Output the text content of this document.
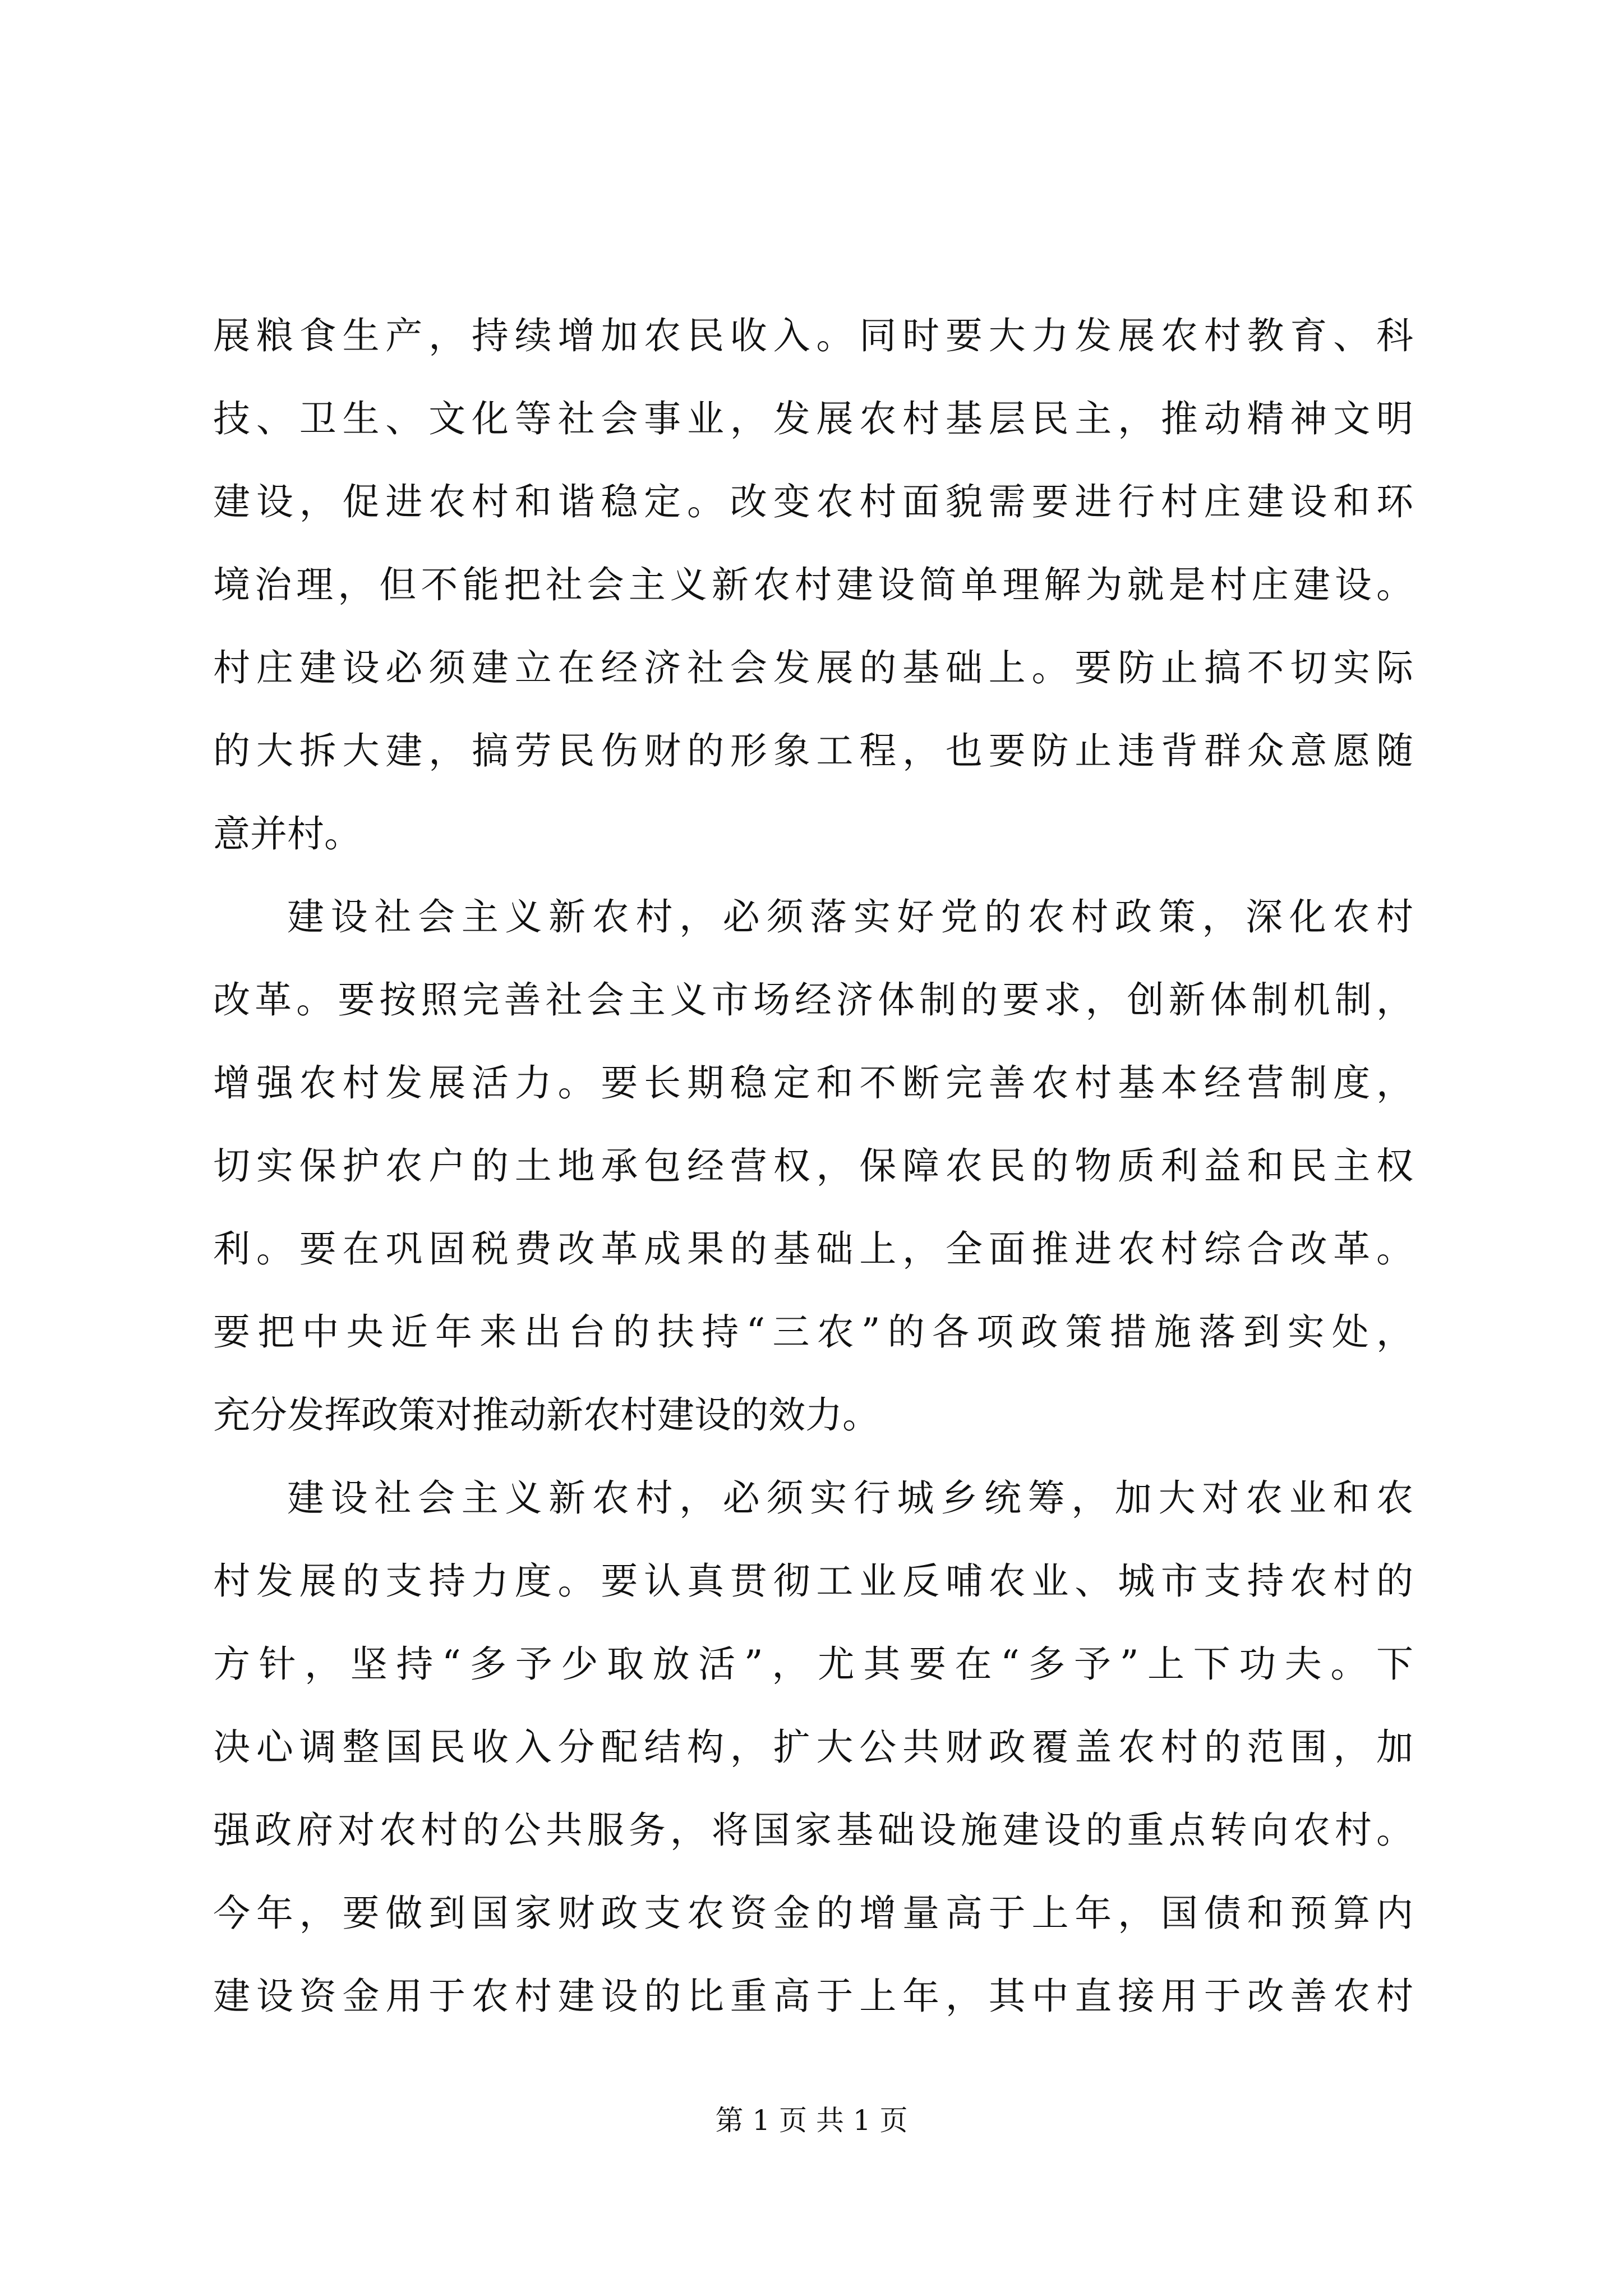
展粮食生产，持续增加农民收入。同时要大力发展农村教育、科
技、卫生、文化等社会事业，发展农村基层民主，推动精神文明
建设，促进农村和谐稳定。改变农村面貌需要进行村庄建设和环
境治理，但不能把社会主义新农村建设简单理解为就是村庄建设。
村庄建设必须建立在经济社会发展的基础上。要防止搞不切实际
的大拆大建，搞劳民伤财的形象工程，也要防止违背群众意愿随
意并村。
建设社会主义新农村，必须落实好党的农村政策，深化农村
改革。要按照完善社会主义市场经济体制的要求，创新体制机制，
增强农村发展活力。要长期稳定和不断完善农村基本经营制度，
切实保护农户的土地承包经营权，保障农民的物质利益和民主权
利。要在巩固税费改革成果的基础上，全面推进农村综合改革。
要把中央近年来出台的扶持“三农”的各项政策措施落到实处，
充分发挥政策对推动新农村建设的效力。
建设社会主义新农村，必须实行城乡统筹，加大对农业和农
村发展的支持力度。要认真贯彻工业反哺农业、城市支持农村的
方针，坚持“多予少取放活”，尤其要在“多予”上下功夫。下
决心调整国民收入分配结构，扩大公共财政覆盖农村的范围，加
强政府对农村的公共服务，将国家基础设施建设的重点转向农村。
今年，要做到国家财政支农资金的增量高于上年，国债和预算内
建设资金用于农村建设的比重高于上年，其中直接用于改善农村
第 1 页 共 1 页
